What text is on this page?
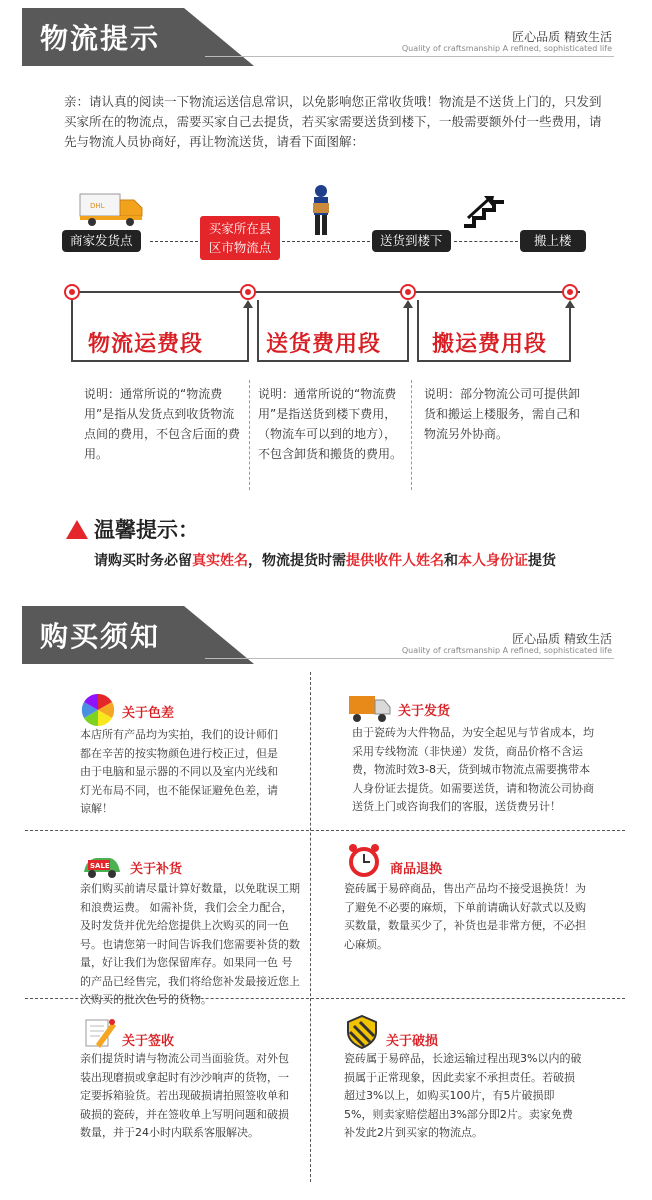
物流提示	匠心品质 精致生活
Quality of craftsmanship A refined, sophisticated life
亲：请认真的阅读一下物流运送信息常识，以免影响您正常收货哦！物流是不送货上门的，只发到买家所在的物流点，需要买家自己去提货，若买家需要送货到楼下，一般需要额外付一些费用，请先与物流人员协商好，再让物流送货，请看下面图解：
DHL
商家发货点
买家所在县
区市物流点	送货到楼下	搬上楼
物流运费段	送货费用段 搬运费用段
说明：通常所说的“物流费用”是指从发货点到收货物流点间的费用，不包含后面的费用。
说明：通常所说的“物流费用”是指送货到楼下费用，（物流车可以到的地方），不包含卸货和搬货的费用。
说明：部分物流公司可提供卸货和搬运上楼服务，需自己和物流另外协商。
温馨提示：
请购买时务必留真实姓名，物流提货时需提供收件人姓名和本人身份证提货
购买须知	匠心品质 精致生活
Quality of craftsmanship A refined, sophisticated life
关于色差
本店所有产品均为实拍，我们的设计师们都在辛苦的按实物颜色进行校正过，但是由于电脑和显示器的不同以及室内光线和灯光布局不同，也不能保证避免色差，请谅解！
关于发货
由于瓷砖为大件物品，为安全起见与节省成本，均采用专线物流（非快递）发货，商品价格不含运费，物流时效3-8天，货到城市物流点需要携带本人身份证去提货。如需要送货，请和物流公司协商送货上门或咨询我们的客服，送货费另计！
SALE 关于补货
亲们购买前请尽量计算好数量，以免耽误工期和浪费运费。 如需补货，我们会全力配合，及时发货并优先给您提供上次购买的同一色号。也请您第一时间告诉我们您需要补货的数量，好让我们为您保留库存。如果同一色 号的产品已经售完，我们将给您补发最接近您上次购买的批次色号的货物。
商品退换
瓷砖属于易碎商品，售出产品均不接受退换货！为了避免不必要的麻烦，下单前请确认好款式以及购买数量，数量买少了，补货也是非常方便，不必担心麻烦。
关于签收
亲们提货时请与物流公司当面验货。对外包装出现磨损或拿起时有沙沙响声的货物，一定要拆箱验货。若出现破损请拍照签收单和破损的瓷砖，并在签收单上写明问题和破损数量，并于24小时内联系客服解决。
关于破损
瓷砖属于易碎品，长途运输过程出现3%以内的破损属于正常现象，因此卖家不承担责任。若破损超过3%以上，如购买100片，有5片破损即5%，则卖家赔偿超出3%部分即2片。卖家免费补发此2片到买家的物流点。
